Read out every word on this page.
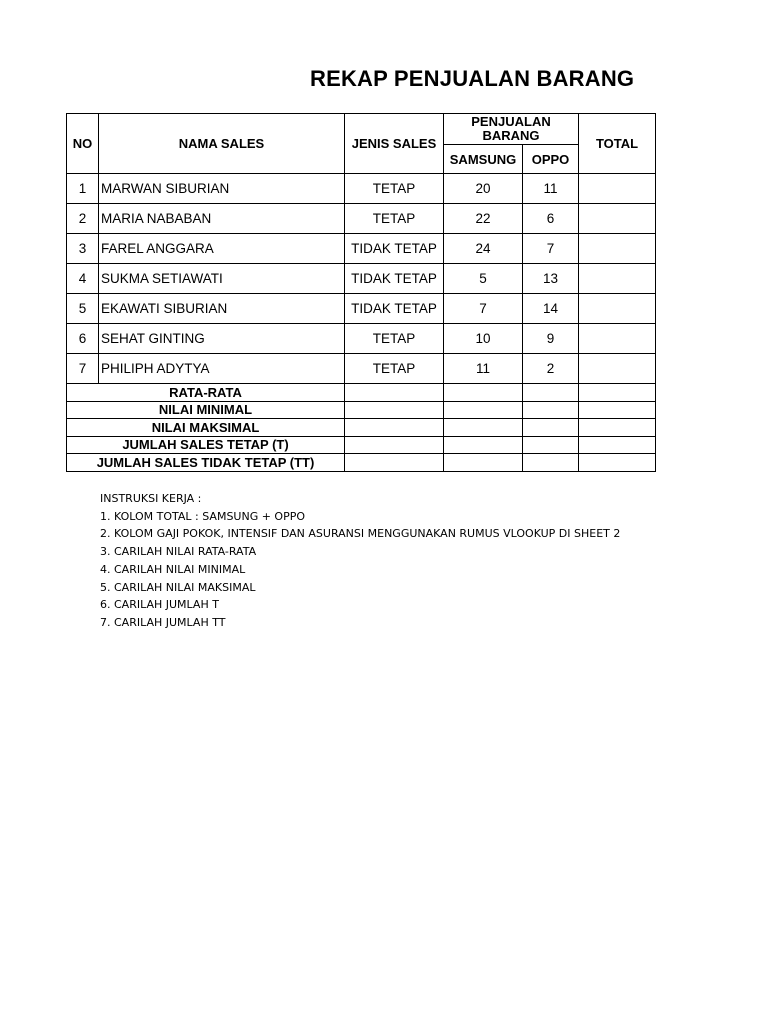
REKAP PENJUALAN BARANG
NO	NAMA SALES	JENIS SALES	PENJUALAN BARANG		TOTAL
			SAMSUNG	OPPO	
1	MARWAN SIBURIAN	TETAP	20	11	
2	MARIA NABABAN	TETAP	22	6	
3	FAREL ANGGARA	TIDAK TETAP	24	7	
4	SUKMA SETIAWATI	TIDAK TETAP	5	13	
5	EKAWATI SIBURIAN	TIDAK TETAP	7	14	
6	SEHAT GINTING	TETAP	10	9	
7	PHILIPH ADYTYA	TETAP	11	2	
RATA-RATA					
NILAI MINIMAL					
NILAI MAKSIMAL					
JUMLAH SALES TETAP (T)					
JUMLAH SALES TIDAK TETAP (TT)					
INSTRUKSI KERJA :
1. KOLOM TOTAL : SAMSUNG + OPPO
2. KOLOM GAJI POKOK, INTENSIF DAN ASURANSI MENGGUNAKAN RUMUS VLOOKUP DI SHEET 2
3. CARILAH NILAI RATA-RATA
4. CARILAH NILAI MINIMAL
5. CARILAH NILAI MAKSIMAL
6. CARILAH JUMLAH T
7. CARILAH JUMLAH TT
